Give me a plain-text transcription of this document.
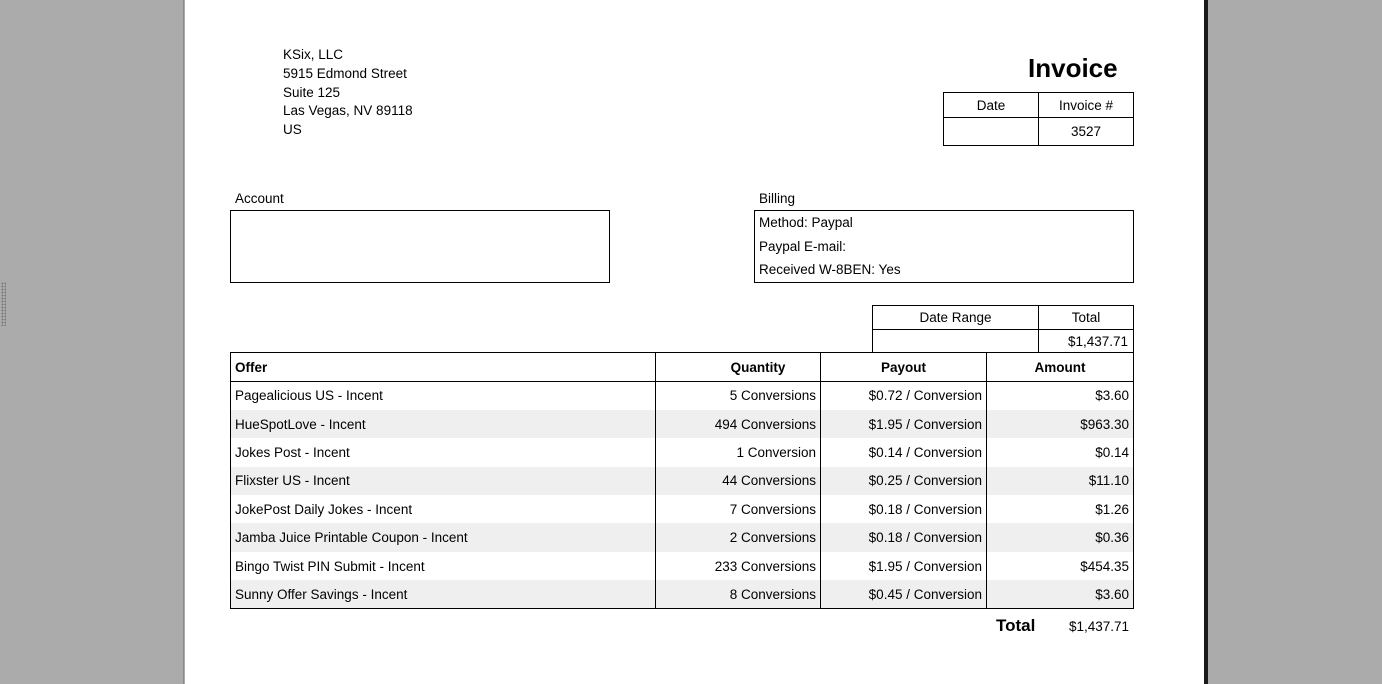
KSix, LLC
5915 Edmond Street
Suite 125
Las Vegas, NV 89118
US
Invoice
Date	Invoice #
	3527
Account	Billing
Method: Paypal
Paypal E-mail:
Received W-8BEN: Yes
Date Range	Total
	$1,437.71
Offer	Quantity	Payout	Amount
Pagealicious US - Incent	5 Conversions	$0.72 / Conversion	$3.60
HueSpotLove - Incent	494 Conversions	$1.95 / Conversion	$963.30
Jokes Post - Incent	1 Conversion	$0.14 / Conversion	$0.14
Flixster US - Incent	44 Conversions	$0.25 / Conversion	$11.10
JokePost Daily Jokes - Incent	7 Conversions	$0.18 / Conversion	$1.26
Jamba Juice Printable Coupon - Incent	2 Conversions	$0.18 / Conversion	$0.36
Bingo Twist PIN Submit - Incent	233 Conversions	$1.95 / Conversion	$454.35
Sunny Offer Savings - Incent	8 Conversions	$0.45 / Conversion	$3.60
Total $1,437.71
